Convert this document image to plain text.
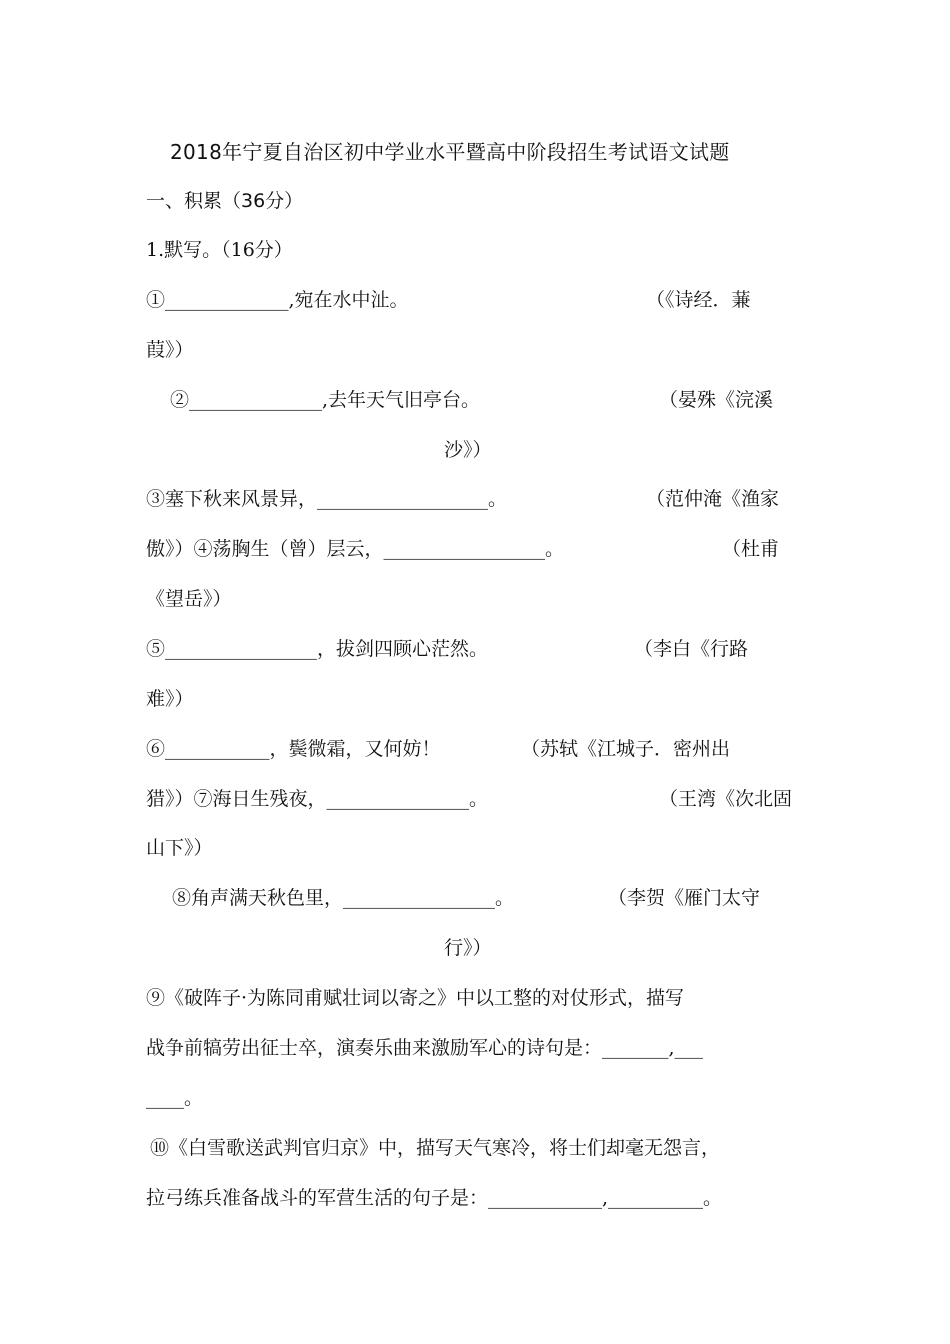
2018年宁夏自治区初中学业水平暨高中阶段招生考试语文试题
一、积累（36分）
1.默写。（16分）
①_____________,宛在水中沚。	（《诗经．蒹
葭》）
②______________,去年天气旧亭台。	（晏殊《浣溪
沙》）
③塞下秋来风景异，__________________。	（范仲淹《渔家
傲》）④荡胸生（曾）层云，_________________。	（杜甫
《望岳》）
⑤________________，拔剑四顾心茫然。	（李白《行路
难》）
⑥___________，鬓微霜，又何妨！	（苏轼《江城子．密州出
猎》）⑦海日生残夜，_______________。	（王湾《次北固
山下》）
⑧角声满天秋色里，________________。	（李贺《雁门太守
行》）
⑨《破阵子·为陈同甫赋壮词以寄之》中以工整的对仗形式，描写
战争前犒劳出征士卒，演奏乐曲来激励军心的诗句是：_______,___
____。
⑩《白雪歌送武判官归京》中，描写天气寒冷，将士们却毫无怨言，
拉弓练兵准备战斗的军营生活的句子是：____________,__________。
